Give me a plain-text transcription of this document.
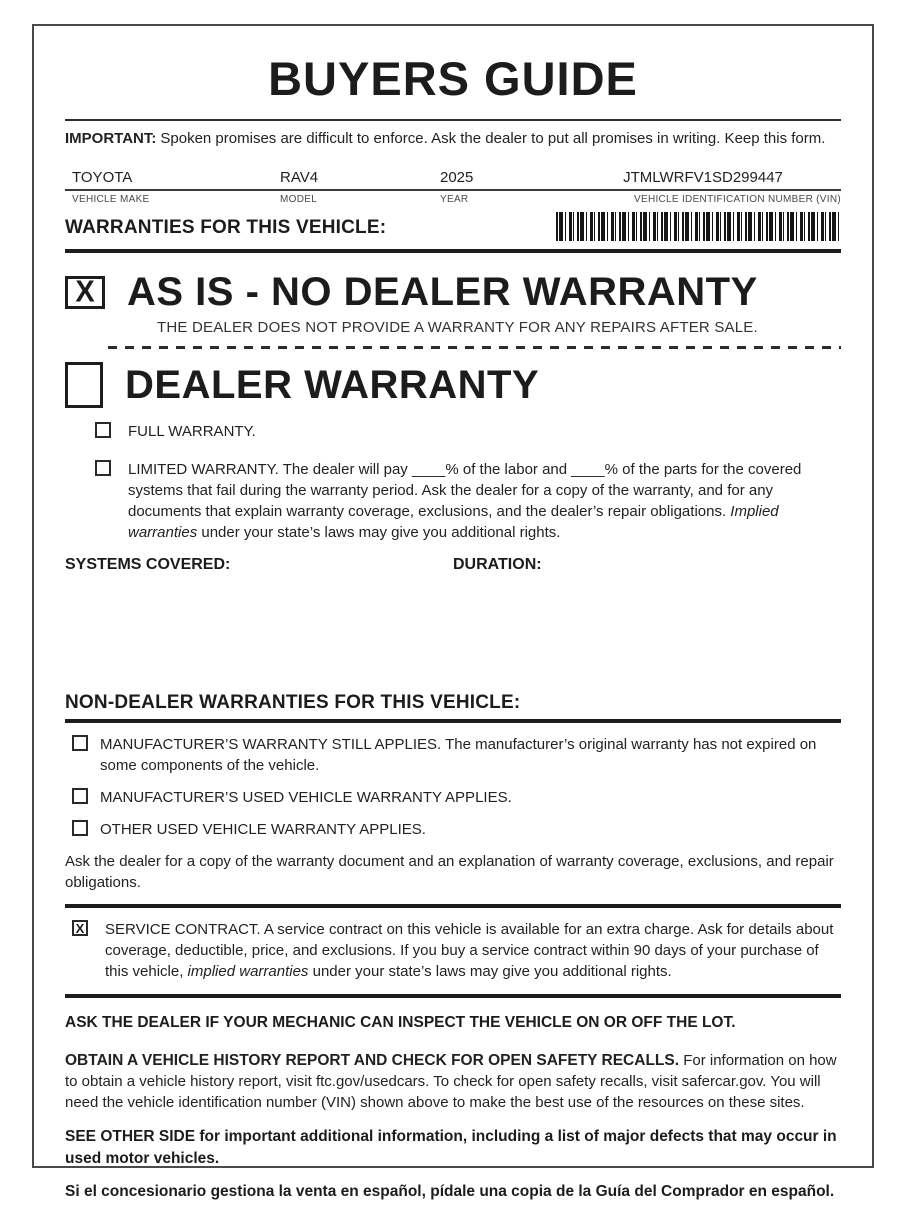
BUYERS GUIDE
IMPORTANT: Spoken promises are difficult to enforce. Ask the dealer to put all promises in writing. Keep this form.
TOYOTA	RAV4	2025	JTMLWRFV1SD299447
VEHICLE MAKE	MODEL	YEAR	VEHICLE IDENTIFICATION NUMBER (VIN)
WARRANTIES FOR THIS VEHICLE:
X AS IS - NO DEALER WARRANTY
THE DEALER DOES NOT PROVIDE A WARRANTY FOR ANY REPAIRS AFTER SALE.
DEALER WARRANTY
FULL WARRANTY.
LIMITED WARRANTY. The dealer will pay ____% of the labor and ____% of the parts for the covered systems that fail during the warranty period. Ask the dealer for a copy of the warranty, and for any documents that explain warranty coverage, exclusions, and the dealer’s repair obligations. Implied warranties under your state’s laws may give you additional rights.
SYSTEMS COVERED:	DURATION:
NON-DEALER WARRANTIES FOR THIS VEHICLE:
MANUFACTURER’S WARRANTY STILL APPLIES. The manufacturer’s original warranty has not expired on some components of the vehicle.
MANUFACTURER’S USED VEHICLE WARRANTY APPLIES.
OTHER USED VEHICLE WARRANTY APPLIES.
Ask the dealer for a copy of the warranty document and an explanation of warranty coverage, exclusions, and repair obligations.
X SERVICE CONTRACT. A service contract on this vehicle is available for an extra charge. Ask for details about coverage, deductible, price, and exclusions. If you buy a service contract within 90 days of your purchase of this vehicle, implied warranties under your state’s laws may give you additional rights.
ASK THE DEALER IF YOUR MECHANIC CAN INSPECT THE VEHICLE ON OR OFF THE LOT.
OBTAIN A VEHICLE HISTORY REPORT AND CHECK FOR OPEN SAFETY RECALLS. For information on how to obtain a vehicle history report, visit ftc.gov/usedcars. To check for open safety recalls, visit safercar.gov. You will need the vehicle identification number (VIN) shown above to make the best use of the resources on these sites.
SEE OTHER SIDE for important additional information, including a list of major defects that may occur in used motor vehicles.
Si el concesionario gestiona la venta en español, pídale una copia de la Guía del Comprador en español.
